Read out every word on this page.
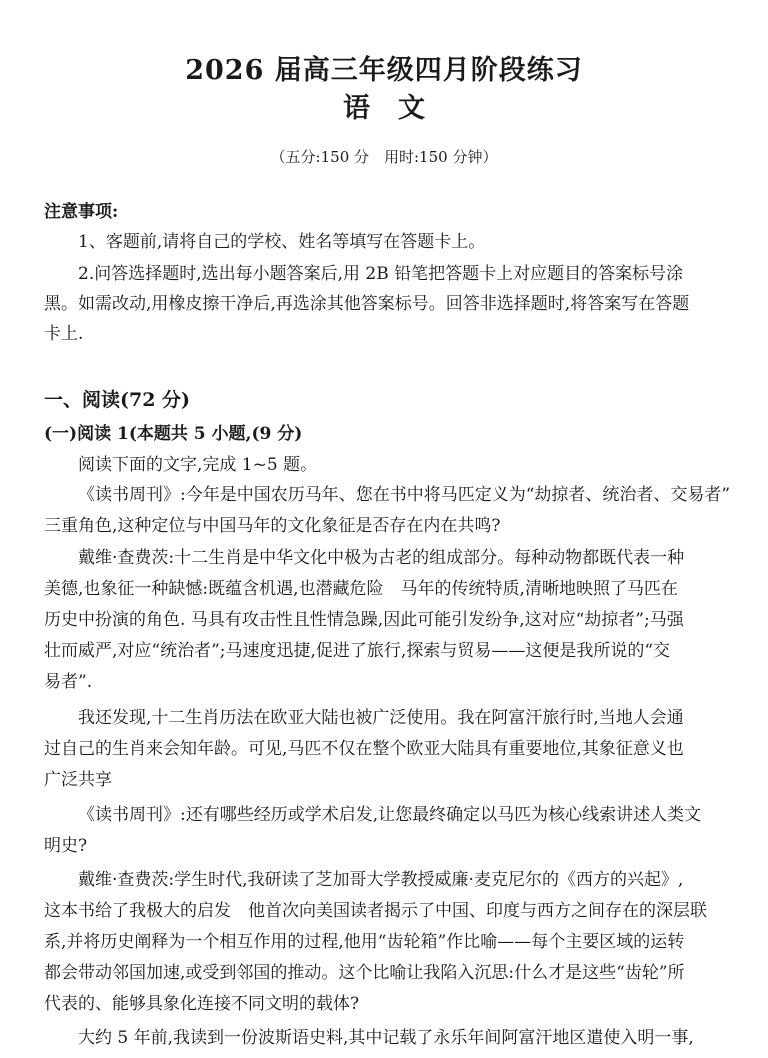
2026 届高三年级四月阶段练习
语文
（五分:150 分　用时:150 分钟）
注意事项:
1、客题前,请将自己的学校、姓名等填写在答题卡上。
2.问答选择题时,选出每小题答案后,用 2B 铅笔把答题卡上对应题目的答案标号涂
黑。如需改动,用橡皮擦干净后,再选涂其他答案标号。回答非选择题时,将答案写在答题
卡上.
一、阅读(72 分)
(一)阅读 1(本题共 5 小题,(9 分)
阅读下面的文字,完成 1~5 题。
《读书周刊》:今年是中国农历马年、您在书中将马匹定义为“劫掠者、统治者、交易者”
三重角色,这种定位与中国马年的文化象征是否存在内在共鸣?
戴维·查费茨:十二生肖是中华文化中极为古老的组成部分。每种动物都既代表一种
美德,也象征一种缺憾:既蕴含机遇,也潜藏危险　马年的传统特质,清晰地映照了马匹在
历史中扮演的角色. 马具有攻击性且性情急躁,因此可能引发纷争,这对应“劫掠者”;马强
壮而威严,对应“统治者”;马速度迅捷,促进了旅行,探索与贸易——这便是我所说的“交
易者”.
我还发现,十二生肖历法在欧亚大陆也被广泛使用。我在阿富汗旅行时,当地人会通
过自己的生肖来会知年龄。可见,马匹不仅在整个欧亚大陆具有重要地位,其象征意义也
广泛共享
《读书周刊》:还有哪些经历或学术启发,让您最终确定以马匹为核心线索讲述人类文
明史?
戴维·查费茨:学生时代,我研读了芝加哥大学教授威廉·麦克尼尔的《西方的兴起》,
这本书给了我极大的启发　他首次向美国读者揭示了中国、印度与西方之间存在的深层联
系,并将历史阐释为一个相互作用的过程,他用“齿轮箱”作比喻——每个主要区域的运转
都会带动邻国加速,或受到邻国的推动。这个比喻让我陷入沉思:什么才是这些“齿轮”所
代表的、能够具象化连接不同文明的载体?
大约 5 年前,我读到一份波斯语史料,其中记载了永乐年间阿富汗地区遣使入明一事,
